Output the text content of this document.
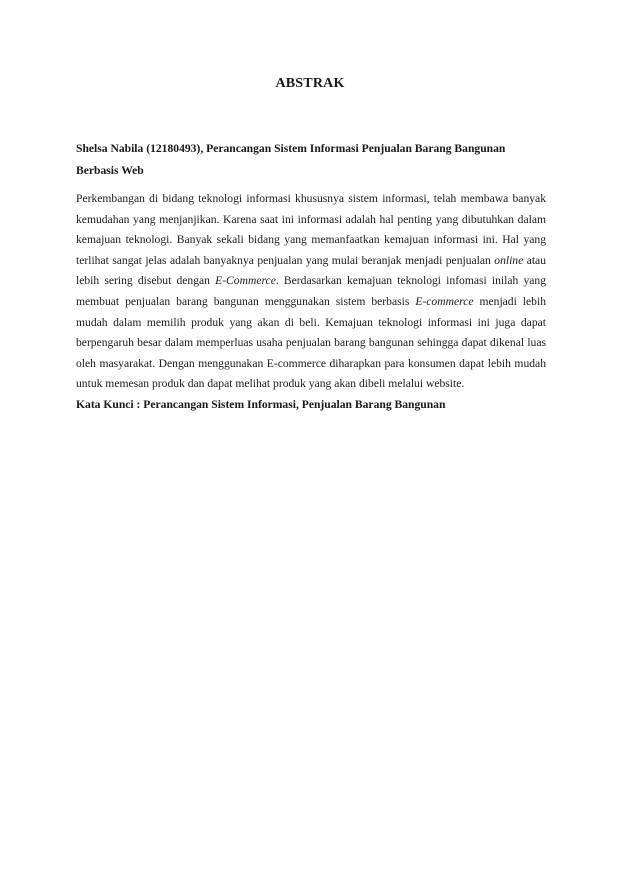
ABSTRAK
Shelsa Nabila (12180493), Perancangan Sistem Informasi Penjualan Barang Bangunan Berbasis Web

Perkembangan di bidang teknologi informasi khususnya sistem informasi, telah membawa banyak kemudahan yang menjanjikan. Karena saat ini informasi adalah hal penting yang dibutuhkan dalam kemajuan teknologi. Banyak sekali bidang yang memanfaatkan kemajuan informasi ini. Hal yang terlihat sangat jelas adalah banyaknya penjualan yang mulai beranjak menjadi penjualan online atau lebih sering disebut dengan E-Commerce. Berdasarkan kemajuan teknologi infomasi inilah yang membuat penjualan barang bangunan menggunakan sistem berbasis E-commerce menjadi lebih mudah dalam memilih produk yang akan di beli. Kemajuan teknologi informasi ini juga dapat berpengaruh besar dalam memperluas usaha penjualan barang bangunan sehingga dapat dikenal luas oleh masyarakat. Dengan menggunakan E-commerce diharapkan para konsumen dapat lebih mudah untuk memesan produk dan dapat melihat produk yang akan dibeli melalui website.

Kata Kunci : Perancangan Sistem Informasi, Penjualan Barang Bangunan
